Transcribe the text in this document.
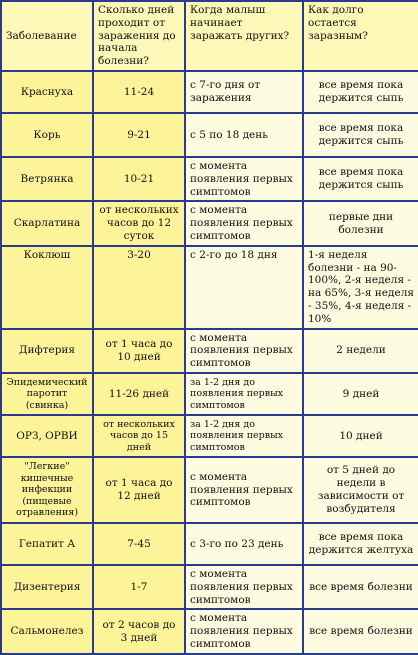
Заболевание	Сколько дней проходит от заражения до начала болезни?	Когда малыш начинает заражать других?	Как долго остается заразным?
Краснуха	11-24	с 7-го дня от заражения	все время пока держится сыпь
Корь	9-21	с 5 по 18 день	все время пока держится сыпь
Ветрянка	10-21	с момента появления первых симптомов	все время пока держится сыпь
Скарлатина	от нескольких часов до 12 суток	с момента появления первых симптомов	первые дни болезни
Коклюш	3-20	с 2-го до 18 дня	1-я неделя болезни - на 90-100%, 2-я неделя - на 65%, 3-я неделя - 35%, 4-я неделя - 10%
Дифтерия	от 1 часа до 10 дней	с момента появления первых симптомов	2 недели
Эпидемический паротит (свинка)	11-26 дней	за 1-2 дня до появления первых симптомов	9 дней
ОРЗ, ОРВИ	от нескольких часов до 15 дней	за 1-2 дня до появления первых симптомов	10 дней
"Легкие" кишечные инфекции (пищевые отравления)	от 1 часа до 12 дней	с момента появления первых симптомов	от 5 дней до недели в зависимости от возбудителя
Гепатит А	7-45	с 3-го по 23 день	все время пока держится желтуха
Дизентерия	1-7	с момента появления первых симптомов	все время болезни
Сальмонелез	от 2 часов до 3 дней	с момента появления первых симптомов	все время болезни
